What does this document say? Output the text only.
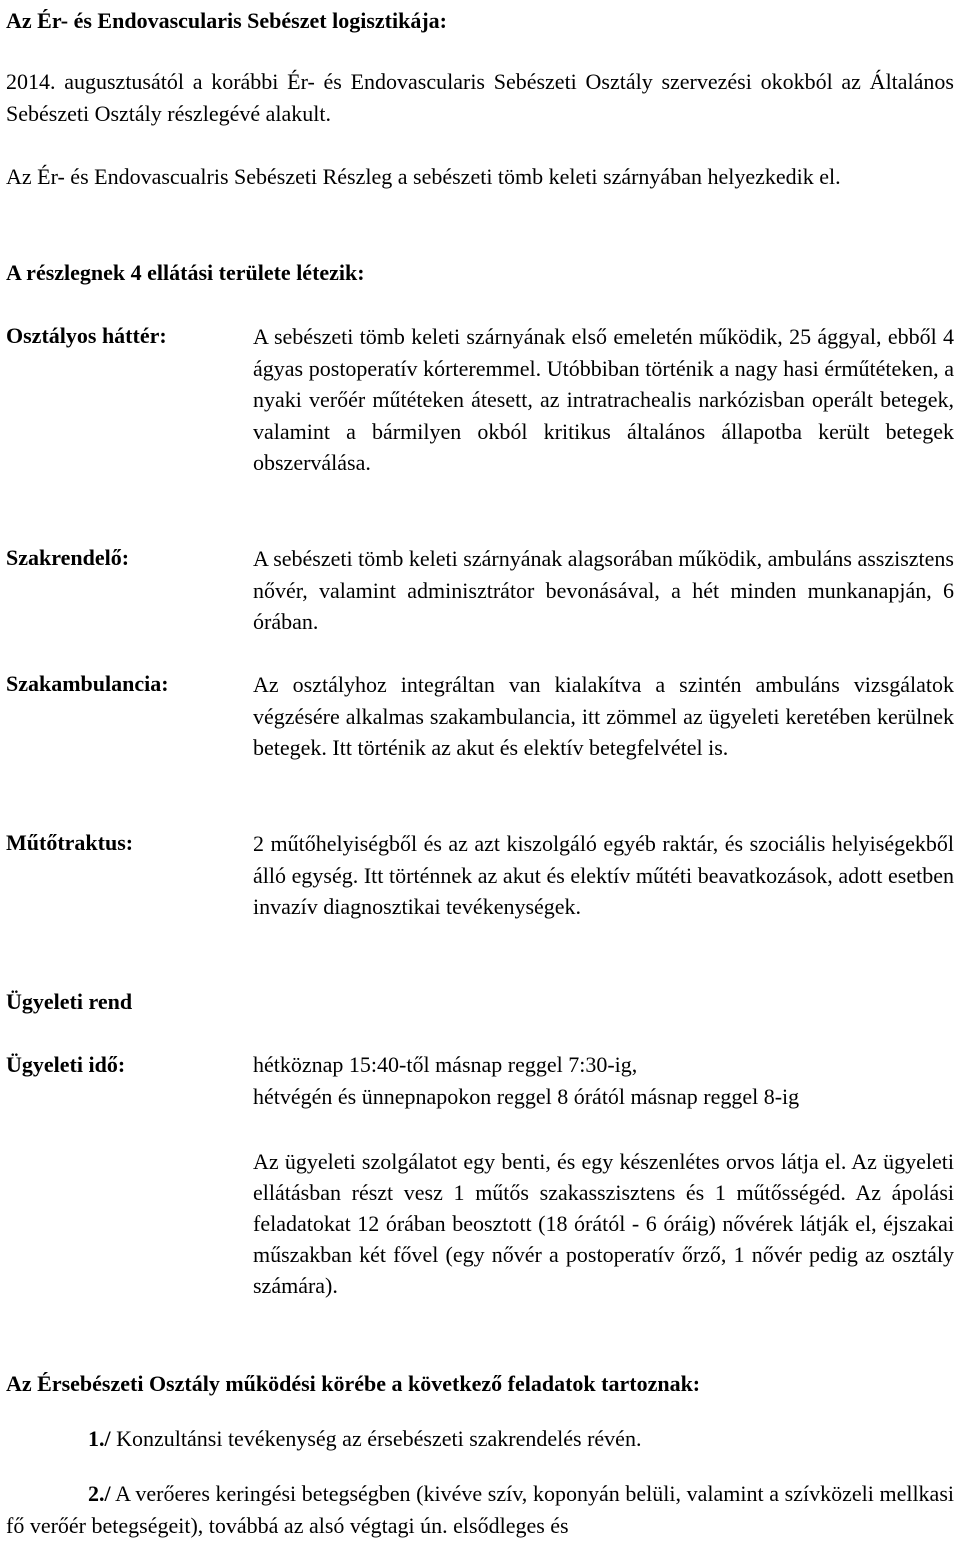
Az Ér- és Endovascularis Sebészet logisztikája:
2014. augusztusától a korábbi Ér- és Endovascularis Sebészeti Osztály szervezési okokból az Általános Sebészeti Osztály részlegévé alakult.
Az Ér- és Endovascualris Sebészeti Részleg a sebészeti tömb keleti szárnyában helyezkedik el.
A részlegnek 4 ellátási területe létezik:
Osztályos háttér:	A sebészeti tömb keleti szárnyának első emeletén működik, 25 ággyal, ebből 4 ágyas postoperatív kórteremmel. Utóbbiban történik a nagy hasi érműtéteken, a nyaki verőér műtéteken átesett, az intratrachealis narkózisban operált betegek, valamint a bármilyen okból kritikus általános állapotba került betegek obszerválása.
Szakrendelő:	A sebészeti tömb keleti szárnyának alagsorában működik, ambuláns asszisztens nővér, valamint adminisztrátor bevonásával, a hét minden munkanapján, 6 órában.
Szakambulancia:	Az osztályhoz integráltan van kialakítva a szintén ambuláns vizsgálatok végzésére alkalmas szakambulancia, itt zömmel az ügyeleti keretében kerülnek betegek. Itt történik az akut és elektív betegfelvétel is.
Műtőtraktus:	2 műtőhelyiségből és az azt kiszolgáló egyéb raktár, és szociális helyiségekből álló egység. Itt történnek az akut és elektív műtéti beavatkozások, adott esetben invazív diagnosztikai tevékenységek.
Ügyeleti rend
Ügyeleti idő:	hétköznap 15:40-től másnap reggel 7:30-ig,
hétvégén és ünnepnapokon reggel 8 órától másnap reggel 8-ig
Az ügyeleti szolgálatot egy benti, és egy készenlétes orvos látja el. Az ügyeleti ellátásban részt vesz 1 műtős szakasszisztens és 1 műtősségéd. Az ápolási feladatokat 12 órában beosztott (18 órától - 6 óráig) nővérek látják el, éjszakai műszakban két fővel (egy nővér a postoperatív őrző, 1 nővér pedig az osztály számára).
Az Érsebészeti Osztály működési körébe a következő feladatok tartoznak:
1./ Konzultánsi tevékenység az érsebészeti szakrendelés révén.
2./ A verőeres keringési betegségben (kivéve szív, koponyán belüli, valamint a szívközeli mellkasi fő verőér betegségeit), továbbá az alsó végtagi ún. elsődleges és
